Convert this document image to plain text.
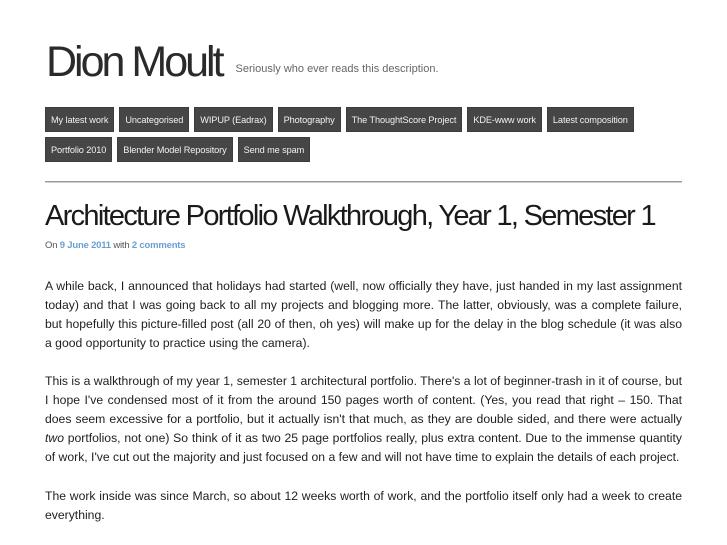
Dion Moult Seriously who ever reads this description.
My latest work	Uncategorised	WIPUP (Eadrax)	Photography	The ThoughtScore Project	KDE-www work	Latest composition
Portfolio 2010	Blender Model Repository	Send me spam
Architecture Portfolio Walkthrough, Year 1, Semester 1
On 9 June 2011 with 2 comments

A while back, I announced that holidays had started (well, now officially they have, just handed in my last assignment today) and that I was going back to all my projects and blogging more. The latter, obviously, was a complete failure, but hopefully this picture-filled post (all 20 of then, oh yes) will make up for the delay in the blog schedule (it was also a good opportunity to practice using the camera).

This is a walkthrough of my year 1, semester 1 architectural portfolio. There's a lot of beginner-trash in it of course, but I hope I've condensed most of it from the around 150 pages worth of content. (Yes, you read that right – 150. That does seem excessive for a portfolio, but it actually isn't that much, as they are double sided, and there were actually two portfolios, not one) So think of it as two 25 page portfolios really, plus extra content. Due to the immense quantity of work, I've cut out the majority and just focused on a few and will not have time to explain the details of each project.

The work inside was since March, so about 12 weeks worth of work, and the portfolio itself only had a week to create everything.
